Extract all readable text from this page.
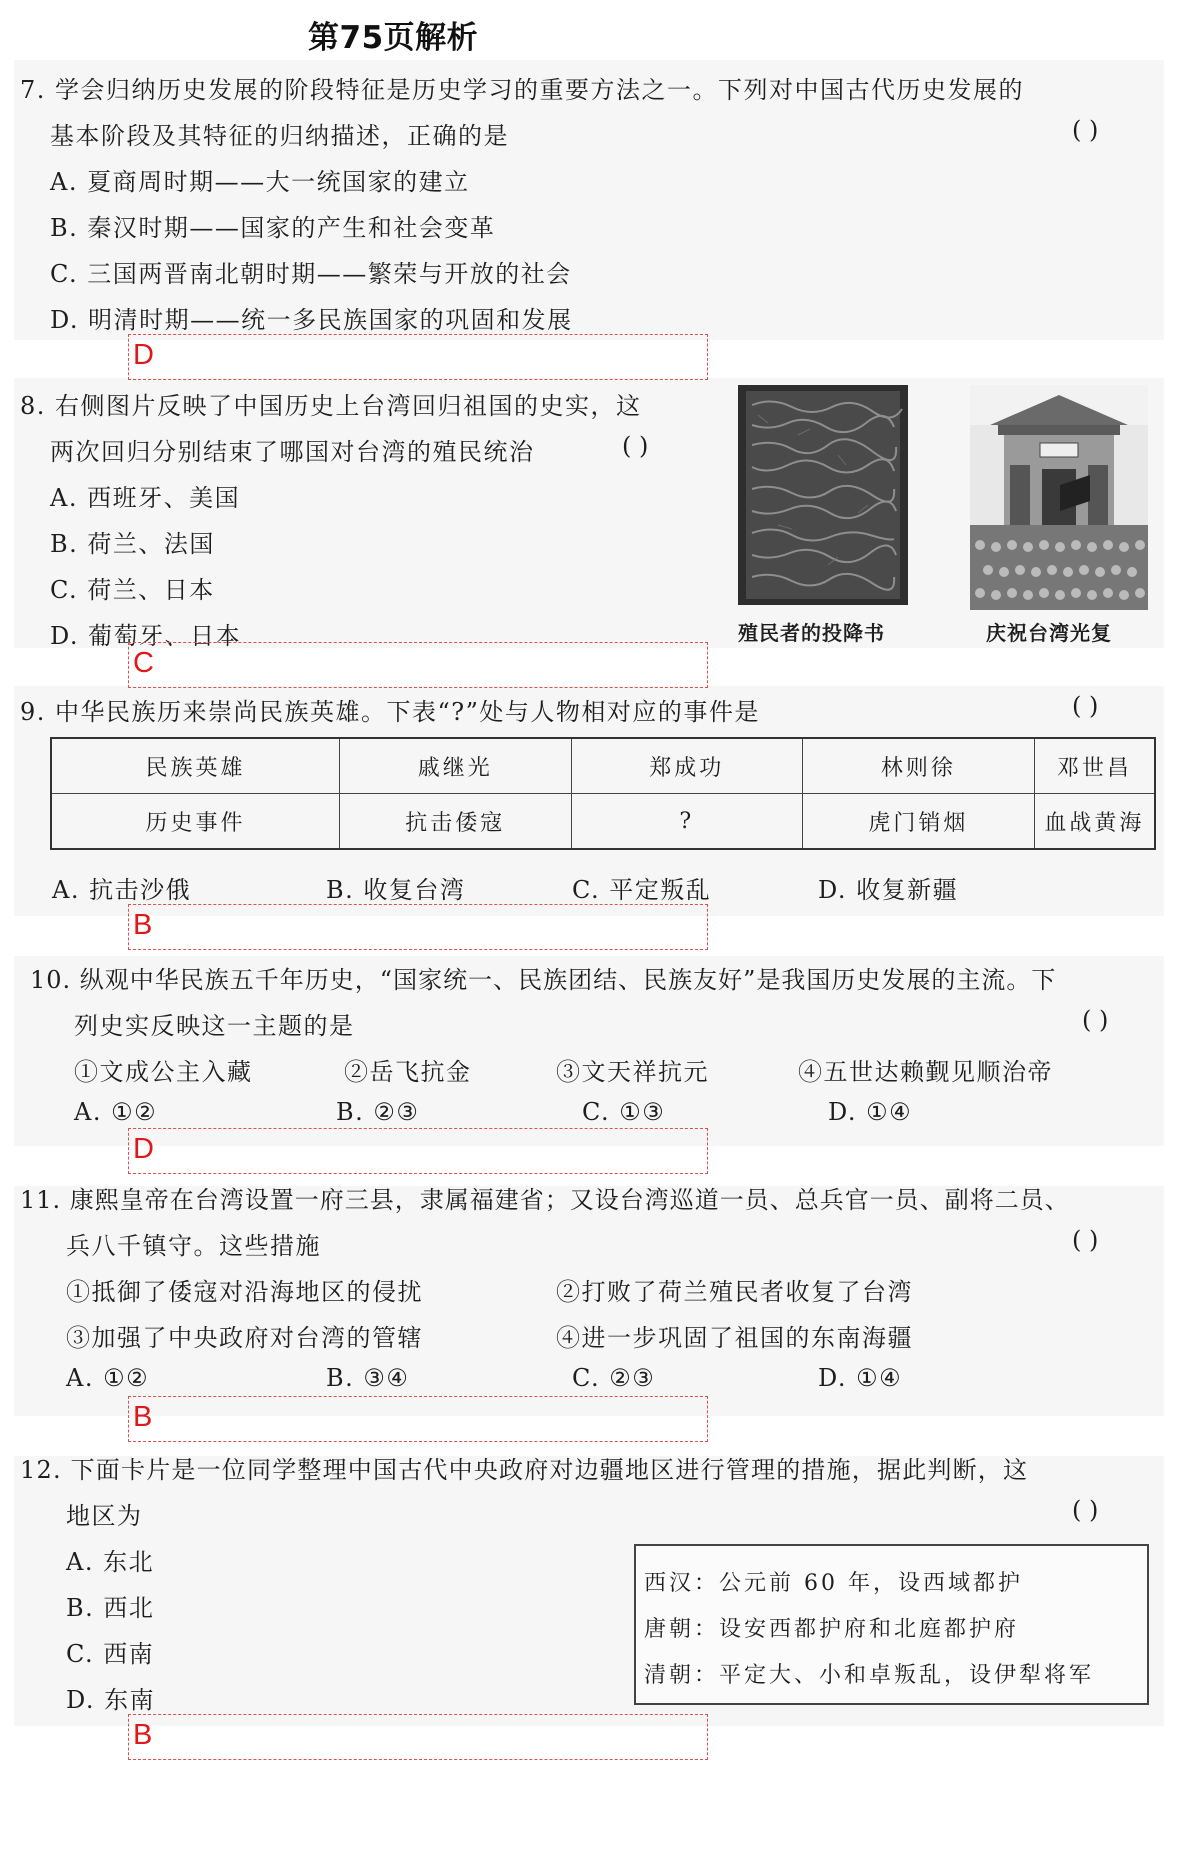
第75页解析
7. 学会归纳历史发展的阶段特征是历史学习的重要方法之一。下列对中国古代历史发展的
基本阶段及其特征的归纳描述，正确的是	( )
A. 夏商周时期——大一统国家的建立
B. 秦汉时期——国家的产生和社会变革
C. 三国两晋南北朝时期——繁荣与开放的社会
D. 明清时期——统一多民族国家的巩固和发展
D
8. 右侧图片反映了中国历史上台湾回归祖国的史实，这
两次回归分别结束了哪国对台湾的殖民统治	( )
A. 西班牙、美国
B. 荷兰、法国
C. 荷兰、日本
D. 葡萄牙、日本	殖民者的投降书	庆祝台湾光复
C
9. 中华民族历来崇尚民族英雄。下表“?”处与人物相对应的事件是	( )
民族英雄	戚继光	郑成功	林则徐	邓世昌
历史事件	抗击倭寇	?	虎门销烟	血战黄海
A. 抗击沙俄	B. 收复台湾	C. 平定叛乱	D. 收复新疆
B
10. 纵观中华民族五千年历史，“国家统一、民族团结、民族友好”是我国历史发展的主流。下
列史实反映这一主题的是	( )
①文成公主入藏	②岳飞抗金	③文天祥抗元	④五世达赖觐见顺治帝
A. ①②	B. ②③	C. ①③	D. ①④
D
11. 康熙皇帝在台湾设置一府三县，隶属福建省；又设台湾巡道一员、总兵官一员、副将二员、
兵八千镇守。这些措施	( )
①抵御了倭寇对沿海地区的侵扰	②打败了荷兰殖民者收复了台湾
③加强了中央政府对台湾的管辖	④进一步巩固了祖国的东南海疆
A. ①②	B. ③④	C. ②③	D. ①④
B
12. 下面卡片是一位同学整理中国古代中央政府对边疆地区进行管理的措施，据此判断，这
地区为	( )
A. 东北
B. 西北
C. 西南
D. 东南
西汉：公元前 60 年，设西域都护
唐朝：设安西都护府和北庭都护府
清朝：平定大、小和卓叛乱，设伊犁将军
B
